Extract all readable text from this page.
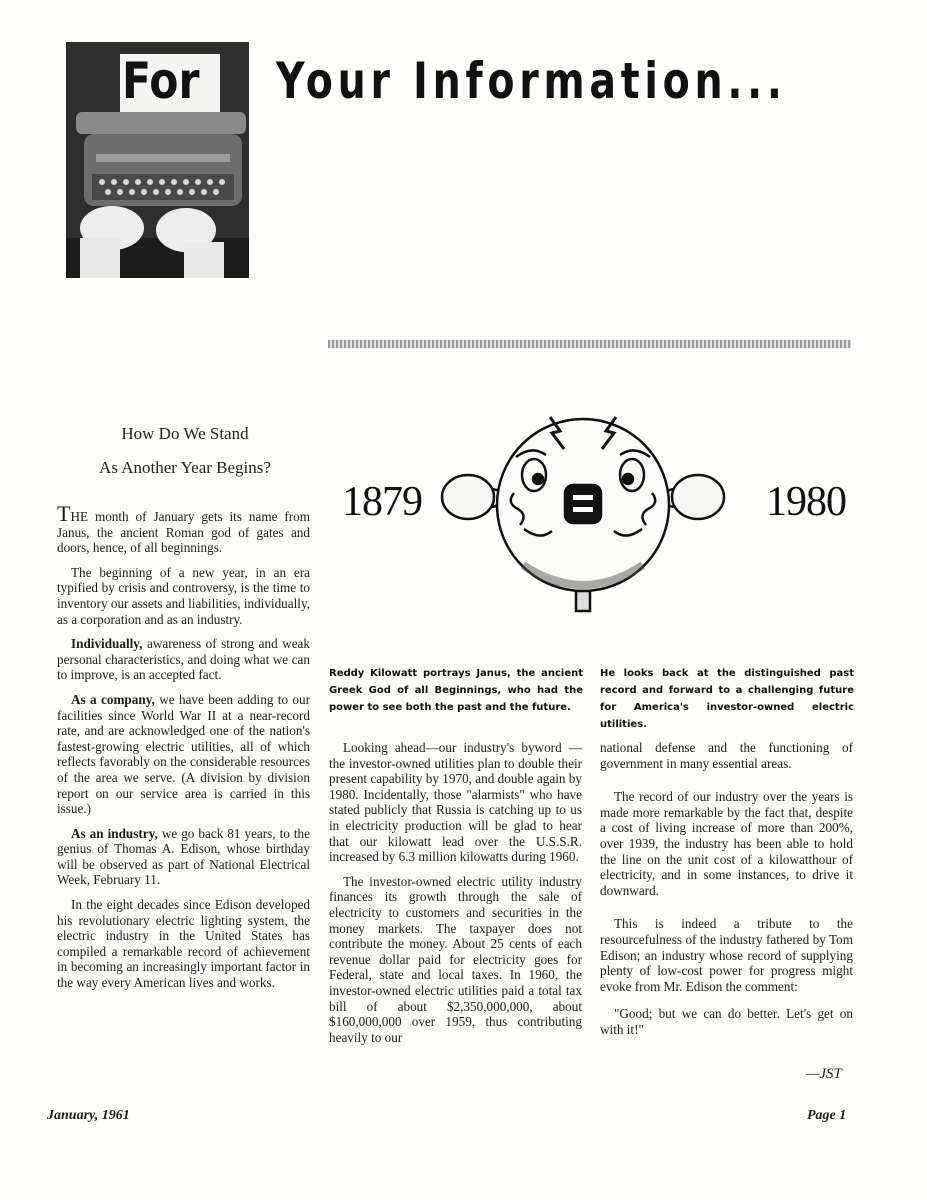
For Your Information...
How Do We Stand
As Another Year Begins?

THE month of January gets its name from Janus, the ancient Roman god of gates and doors, hence, of all beginnings.

The beginning of a new year, in an era typified by crisis and controversy, is the time to inventory our assets and liabilities, individually, as a corporation and as an industry.

Individually, awareness of strong and weak personal characteristics, and doing what we can to improve, is an accepted fact.

As a company, we have been adding to our facilities since World War II at a near-record rate, and are acknowledged one of the nation's fastest-growing electric utilities, all of which reflects favorably on the considerable resources of the area we serve. (A division by division report on our service area is carried in this issue.)

As an industry, we go back 81 years, to the genius of Thomas A. Edison, whose birthday will be observed as part of National Electrical Week, February 11.

In the eight decades since Edison developed his revolutionary electric lighting system, the electric industry in the United States has compiled a remarkable record of achievement in becoming an increasingly important factor in the way every American lives and works.

1879	1980
Reddy Kilowatt portrays Janus, the ancient Greek God of all Beginnings, who had the power to see both the past and the future.
He looks back at the distinguished past record and forward to a challenging future for America's investor-owned electric utilities.

Looking ahead—our industry's byword — the investor-owned utilities plan to double their present capability by 1970, and double again by 1980. Incidentally, those "alarmists" who have stated publicly that Russia is catching up to us in electricity production will be glad to hear that our kilowatt lead over the U.S.S.R. increased by 6.3 million kilowatts during 1960.

The investor-owned electric utility industry finances its growth through the sale of electricity to customers and securities in the money markets. The taxpayer does not contribute the money. About 25 cents of each revenue dollar paid for electricity goes for Federal, state and local taxes. In 1960, the investor-owned electric utilities paid a total tax bill of about $2,350,000,000, about $160,000,000 over 1959, thus contributing heavily to our

national defense and the functioning of government in many essential areas.

The record of our industry over the years is made more remarkable by the fact that, despite a cost of living increase of more than 200%, over 1939, the industry has been able to hold the line on the unit cost of a kilowatthour of electricity, and in some instances, to drive it downward.

This is indeed a tribute to the resourcefulness of the industry fathered by Tom Edison; an industry whose record of supplying plenty of low-cost power for progress might evoke from Mr. Edison the comment:

"Good; but we can do better. Let's get on with it!"

—JST
January, 1961	Page 1
